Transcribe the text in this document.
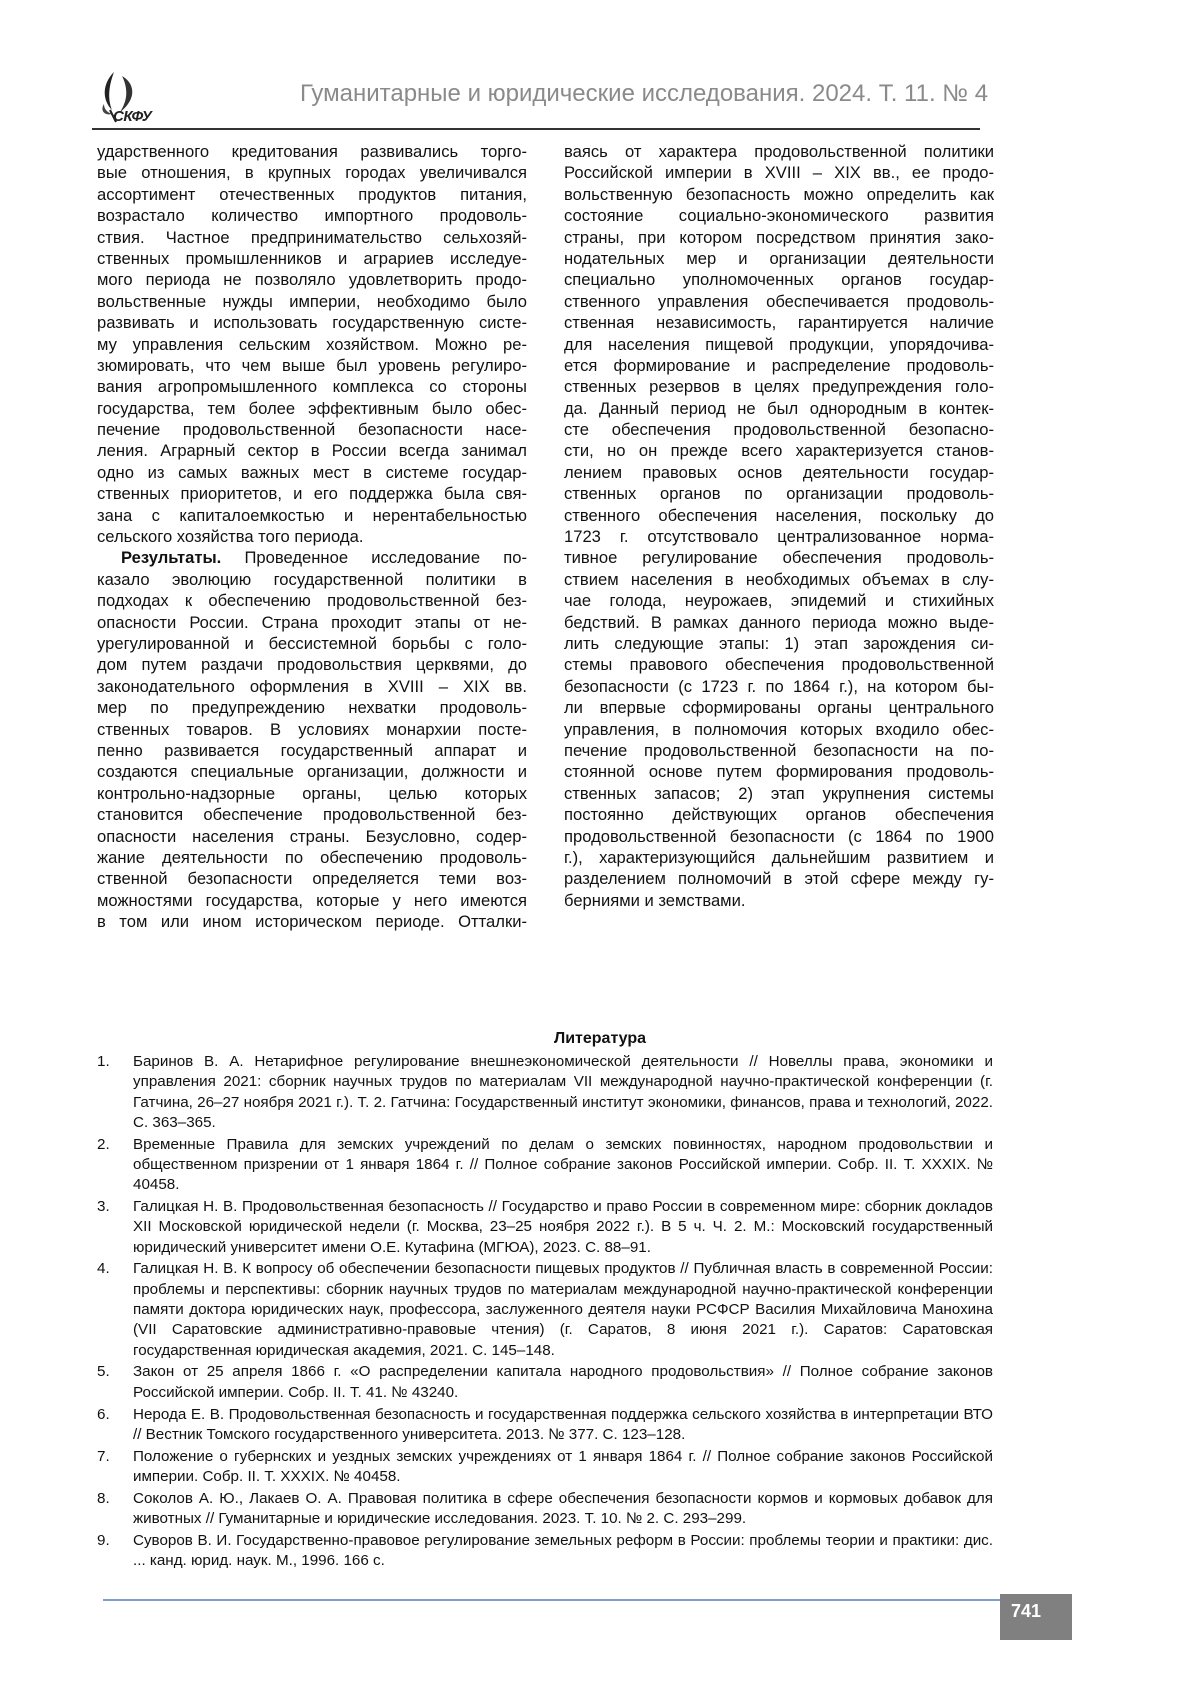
СКФУ
Гуманитарные и юридические исследования. 2024. Т. 11. № 4
ударственного кредитования развивались торго-
вые отношения, в крупных городах увеличивался
ассортимент отечественных продуктов питания,
возрастало количество импортного продоволь-
ствия. Частное предпринимательство сельхозяй-
ственных промышленников и аграриев исследуе-
мого периода не позволяло удовлетворить продо-
вольственные нужды империи, необходимо было
развивать и использовать государственную систе-
му управления сельским хозяйством. Можно ре-
зюмировать, что чем выше был уровень регулиро-
вания агропромышленного комплекса со стороны
государства, тем более эффективным было обес-
печение продовольственной безопасности насе-
ления. Аграрный сектор в России всегда занимал
одно из самых важных мест в системе государ-
ственных приоритетов, и его поддержка была свя-
зана с капиталоемкостью и нерентабельностью
сельского хозяйства того периода.
Результаты. Проведенное исследование по-
казало эволюцию государственной политики в
подходах к обеспечению продовольственной без-
опасности России. Страна проходит этапы от не-
урегулированной и бессистемной борьбы с голо-
дом путем раздачи продовольствия церквями, до
законодательного оформления в XVIII – XIX вв.
мер по предупреждению нехватки продоволь-
ственных товаров. В условиях монархии посте-
пенно развивается государственный аппарат и
создаются специальные организации, должности и
контрольно-надзорные органы, целью которых
становится обеспечение продовольственной без-
опасности населения страны. Безусловно, содер-
жание деятельности по обеспечению продоволь-
ственной безопасности определяется теми воз-
можностями государства, которые у него имеются
в том или ином историческом периоде. Отталки-
ваясь от характера продовольственной политики
Российской империи в XVIII – XIX вв., ее продо-
вольственную безопасность можно определить как
состояние социально-экономического развития
страны, при котором посредством принятия зако-
нодательных мер и организации деятельности
специально уполномоченных органов государ-
ственного управления обеспечивается продоволь-
ственная независимость, гарантируется наличие
для населения пищевой продукции, упорядочива-
ется формирование и распределение продоволь-
ственных резервов в целях предупреждения голо-
да. Данный период не был однородным в контек-
сте обеспечения продовольственной безопасно-
сти, но он прежде всего характеризуется станов-
лением правовых основ деятельности государ-
ственных органов по организации продоволь-
ственного обеспечения населения, поскольку до
1723 г. отсутствовало централизованное норма-
тивное регулирование обеспечения продоволь-
ствием населения в необходимых объемах в слу-
чае голода, неурожаев, эпидемий и стихийных
бедствий. В рамках данного периода можно выде-
лить следующие этапы: 1) этап зарождения си-
стемы правового обеспечения продовольственной
безопасности (с 1723 г. по 1864 г.), на котором бы-
ли впервые сформированы органы центрального
управления, в полномочия которых входило обес-
печение продовольственной безопасности на по-
стоянной основе путем формирования продоволь-
ственных запасов; 2) этап укрупнения системы
постоянно действующих органов обеспечения
продовольственной безопасности (с 1864 по 1900
г.), характеризующийся дальнейшим развитием и
разделением полномочий в этой сфере между гу-
берниями и земствами.
Литература
1.	Баринов В. А. Нетарифное регулирование внешнеэкономической деятельности // Новеллы права, экономики и управления 2021: сборник научных трудов по материалам VII международной научно-практической конференции (г. Гатчина, 26–27 ноября 2021 г.). Т. 2. Гатчина: Государственный институт экономики, финансов, права и технологий, 2022. С. 363–365.
2.	Временные Правила для земских учреждений по делам о земских повинностях, народном продовольствии и общественном призрении от 1 января 1864 г. // Полное собрание законов Российской империи. Собр. II. Т. XXXIX. № 40458.
3.	Галицкая Н. В. Продовольственная безопасность // Государство и право России в современном мире: сборник докладов XII Московской юридической недели (г. Москва, 23–25 ноября 2022 г.). В 5 ч. Ч. 2. М.: Московский государственный юридический университет имени О.Е. Кутафина (МГЮА), 2023. С. 88–91.
4.	Галицкая Н. В. К вопросу об обеспечении безопасности пищевых продуктов // Публичная власть в современной России: проблемы и перспективы: сборник научных трудов по материалам международной научно-практической конференции памяти доктора юридических наук, профессора, заслуженного деятеля науки РСФСР Василия Михайловича Манохина (VII Саратовские административно-правовые чтения) (г. Саратов, 8 июня 2021 г.). Саратов: Саратовская государственная юридическая академия, 2021. С. 145–148.
5.	Закон от 25 апреля 1866 г. «О распределении капитала народного продовольствия» // Полное собрание законов Российской империи. Собр. II. Т. 41. № 43240.
6.	Нерода Е. В. Продовольственная безопасность и государственная поддержка сельского хозяйства в интерпретации ВТО // Вестник Томского государственного университета. 2013. № 377. С. 123–128.
7.	Положение о губернских и уездных земских учреждениях от 1 января 1864 г. // Полное собрание законов Российской империи. Собр. II. Т. XXXIX. № 40458.
8.	Соколов А. Ю., Лакаев О. А. Правовая политика в сфере обеспечения безопасности кормов и кормовых добавок для животных // Гуманитарные и юридические исследования. 2023. Т. 10. № 2. С. 293–299.
9.	Суворов В. И. Государственно-правовое регулирование земельных реформ в России: проблемы теории и практики: дис. ... канд. юрид. наук. М., 1996. 166 с.
741
